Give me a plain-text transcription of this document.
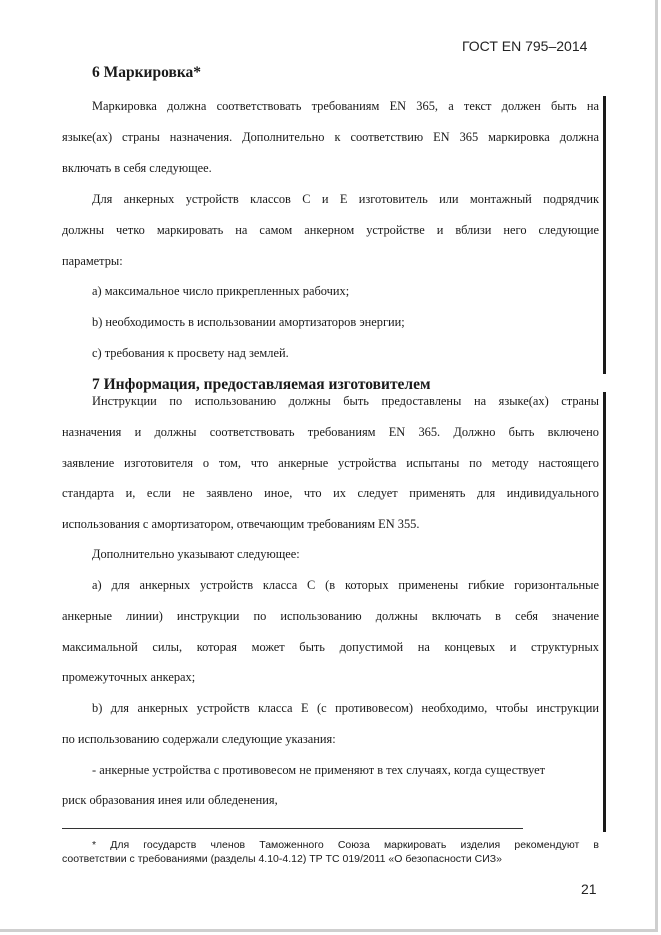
ГОСТ EN 795–2014
6 Маркировка*
Маркировка должна соответствовать требованиям EN 365, а текст должен быть на
языке(ах) страны назначения. Дополнительно к соответствию EN 365 маркировка должна
включать в себя следующее.
Для анкерных устройств классов С и Е изготовитель или монтажный подрядчик
должны четко маркировать на самом анкерном устройстве и вблизи него следующие
параметры:
a) максимальное число прикрепленных рабочих;
b) необходимость в использовании амортизаторов энергии;
c) требования к просвету над землей.
7 Информация, предоставляемая изготовителем
Инструкции по использованию должны быть предоставлены на языке(ах) страны
назначения и должны соответствовать требованиям EN 365. Должно быть включено
заявление изготовителя о том, что анкерные устройства испытаны по методу настоящего
стандарта и, если не заявлено иное, что их следует применять для индивидуального
использования с амортизатором, отвечающим требованиям EN 355.
Дополнительно указывают следующее:
a) для анкерных устройств класса С (в которых применены гибкие горизонтальные
анкерные линии) инструкции по использованию должны включать в себя значение
максимальной силы, которая может быть допустимой на концевых и структурных
промежуточных анкерах;
b) для анкерных устройств класса Е (с противовесом) необходимо, чтобы инструкции
по использованию содержали следующие указания:
- анкерные устройства с противовесом не применяют в тех случаях, когда существует
риск образования инея или обледенения,
* Для государств членов Таможенного Союза маркировать изделия рекомендуют в
соответствии с требованиями (разделы 4.10-4.12) ТР ТС 019/2011 «О безопасности СИЗ»
21
